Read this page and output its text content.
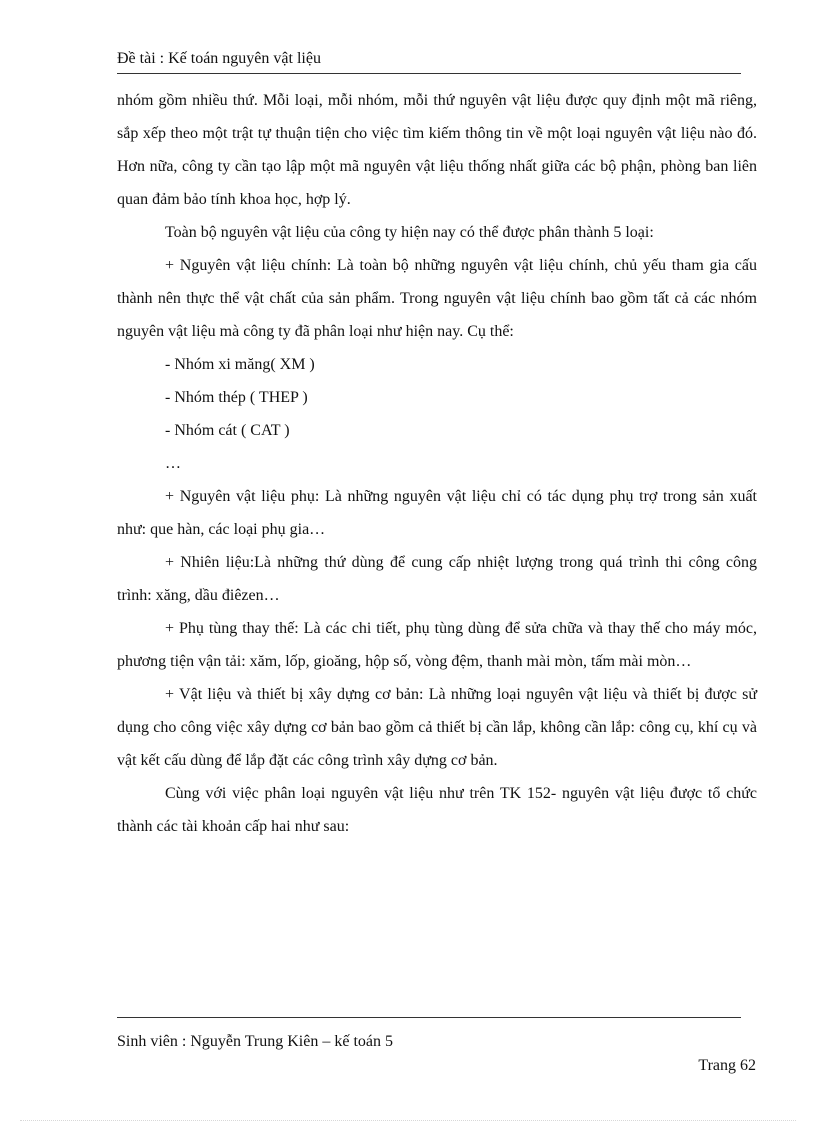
Đề tài : Kế toán nguyên vật liệu

nhóm gồm nhiều thứ. Mỗi loại, mỗi nhóm, mỗi thứ nguyên vật liệu được quy định một mã riêng, sắp xếp theo một trật tự thuận tiện cho việc tìm kiếm thông tin về một loại nguyên vật liệu nào đó. Hơn nữa, công ty cần tạo lập một mã nguyên vật liệu thống nhất giữa các bộ phận, phòng ban liên quan đảm bảo tính khoa học, hợp lý.

Toàn bộ nguyên vật liệu của công ty hiện nay có thể được phân thành 5 loại:

+ Nguyên vật liệu chính: Là toàn bộ những nguyên vật liệu chính, chủ yếu tham gia cấu thành nên thực thể vật chất của sản phẩm. Trong nguyên vật liệu chính bao gồm tất cả các nhóm nguyên vật liệu mà công ty đã phân loại như hiện nay. Cụ thể:

- Nhóm xi măng( XM )

- Nhóm thép ( THEP )

- Nhóm cát ( CAT )

…

+ Nguyên vật liệu phụ: Là những nguyên vật liệu chỉ có tác dụng phụ trợ trong sản xuất như: que hàn, các loại phụ gia…

+ Nhiên liệu:Là những thứ dùng để cung cấp nhiệt lượng trong quá trình thi công công trình: xăng, dầu điêzen…

+ Phụ tùng thay thế: Là các chi tiết, phụ tùng dùng để sửa chữa và thay thế cho máy móc, phương tiện vận tải: xăm, lốp, gioăng, hộp số, vòng đệm, thanh mài mòn, tấm mài mòn…

+ Vật liệu và thiết bị xây dựng cơ bản: Là những loại nguyên vật liệu và thiết bị được sử dụng cho công việc xây dựng cơ bản bao gồm cả thiết bị cần lắp, không cần lắp: công cụ, khí cụ và vật kết cấu dùng để lắp đặt các công trình xây dựng cơ bản.

Cùng với việc phân loại nguyên vật liệu như trên TK 152- nguyên vật liệu được tổ chức thành các tài khoản cấp hai như sau:

Sinh viên : Nguyễn Trung Kiên – kế toán 5
Trang 62
